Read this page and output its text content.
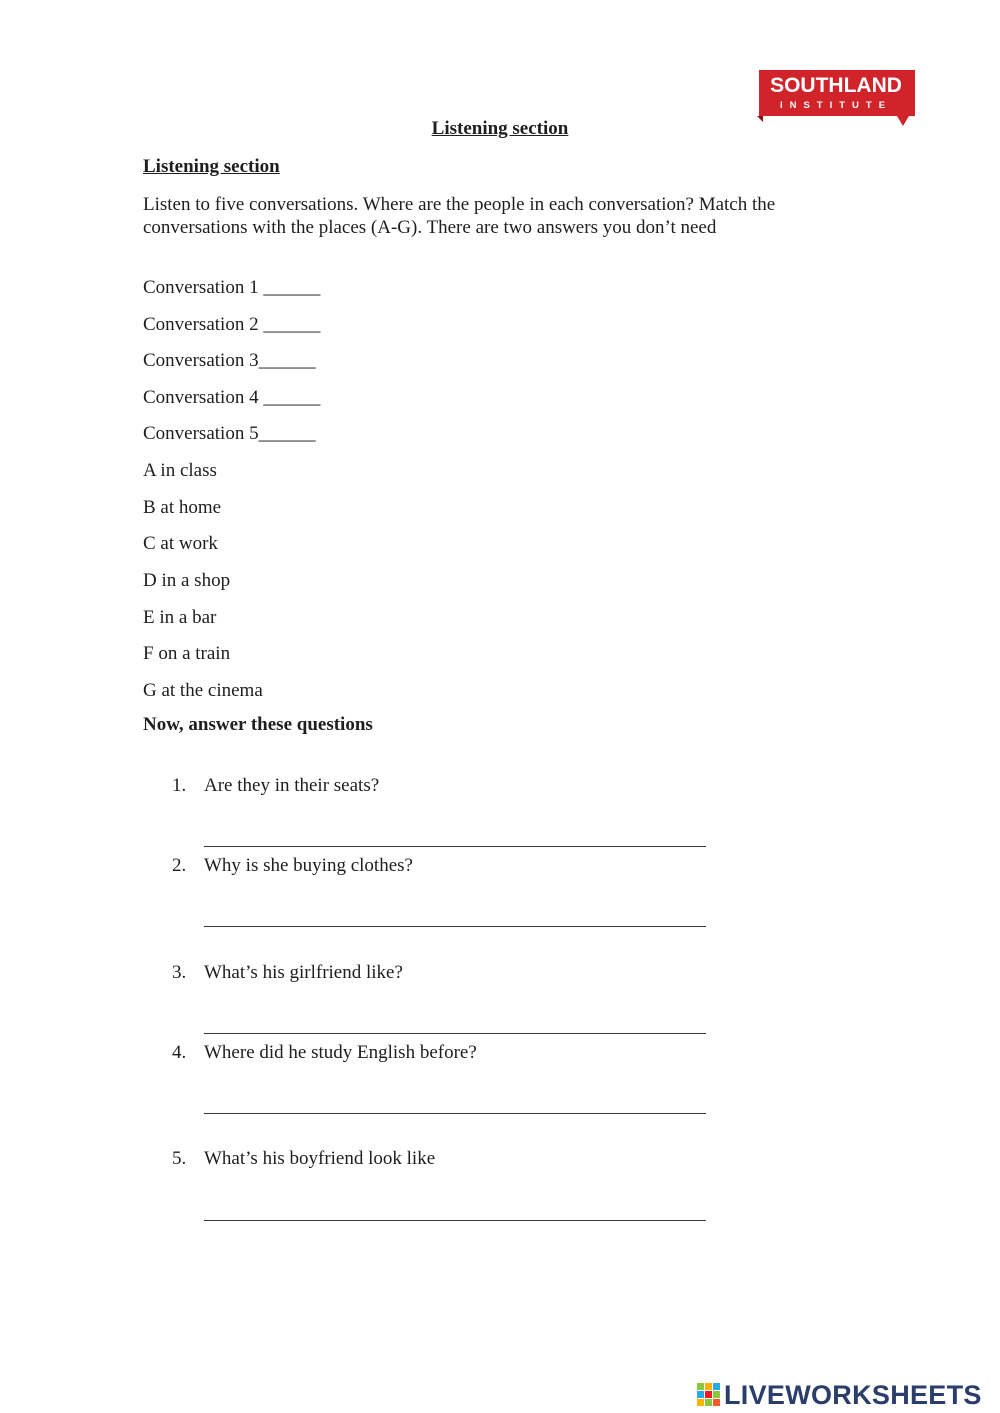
SOUTHLAND
INSTITUTE
Listening section
Listening section
Listen to five conversations. Where are the people in each conversation? Match the conversations with the places (A-G). There are two answers you don’t need
Conversation 1 ______
Conversation 2 ______
Conversation 3______
Conversation 4 ______
Conversation 5______
A in class
B at home
C at work
D in a shop
E in a bar
F on a train
G at the cinema
Now, answer these questions
1. Are they in their seats?
2. Why is she buying clothes?
3. What’s his girlfriend like?
4. Where did he study English before?
5. What’s his boyfriend look like
LIVEWORKSHEETS
